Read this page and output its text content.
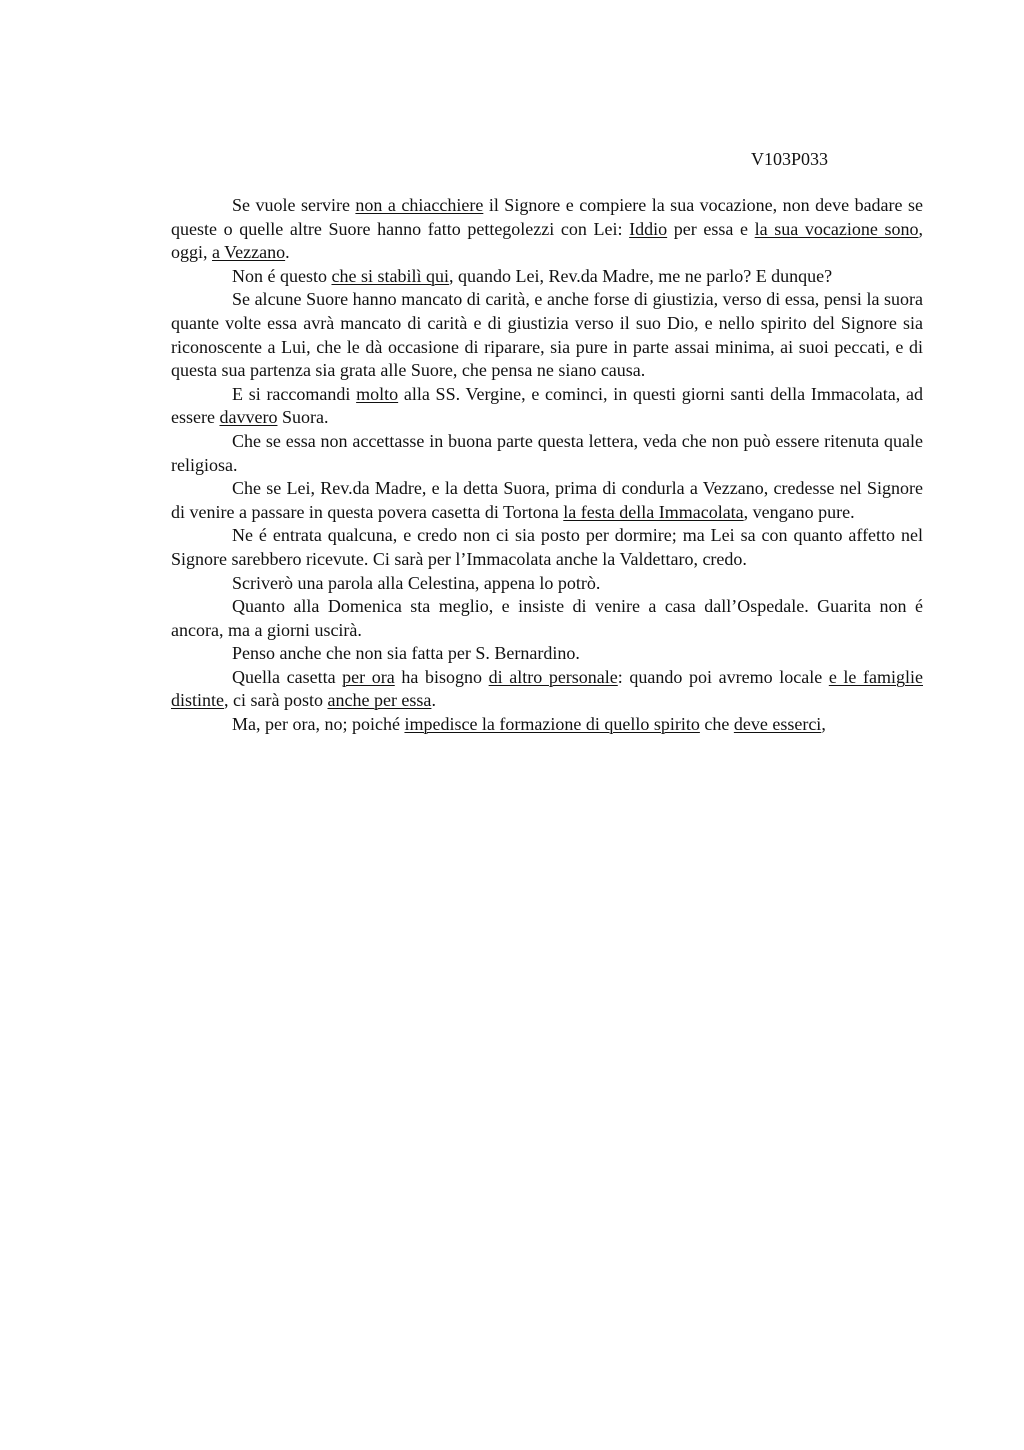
V103P033

Se vuole servire non a chiacchiere il Signore e compiere la sua vocazione, non deve badare se queste o quelle altre Suore hanno fatto pettegolezzi con Lei: Iddio per essa e la sua vocazione sono, oggi, a Vezzano.

Non é questo che si stabilì qui, quando Lei, Rev.da Madre, me ne parlo? E dunque?

Se alcune Suore hanno mancato di carità, e anche forse di giustizia, verso di essa, pensi la suora quante volte essa avrà mancato di carità e di giustizia verso il suo Dio, e nello spirito del Signore sia riconoscente a Lui, che le dà occasione di riparare, sia pure in parte assai minima, ai suoi peccati, e di questa sua partenza sia grata alle Suore, che pensa ne siano causa.

E si raccomandi molto alla SS. Vergine, e cominci, in questi giorni santi della Immacolata, ad essere davvero Suora.

Che se essa non accettasse in buona parte questa lettera, veda che non può essere ritenuta quale religiosa.

Che se Lei, Rev.da Madre, e la detta Suora, prima di condurla a Vezzano, credesse nel Signore di venire a passare in questa povera casetta di Tortona la festa della Immacolata, vengano pure.

Ne é entrata qualcuna, e credo non ci sia posto per dormire; ma Lei sa con quanto affetto nel Signore sarebbero ricevute. Ci sarà per l’Immacolata anche la Valdettaro, credo.

Scriverò una parola alla Celestina, appena lo potrò.

Quanto alla Domenica sta meglio, e insiste di venire a casa dall’Ospedale. Guarita non é ancora, ma a giorni uscirà.

Penso anche che non sia fatta per S. Bernardino.

Quella casetta per ora ha bisogno di altro personale: quando poi avremo locale e le famiglie distinte, ci sarà posto anche per essa.

Ma, per ora, no; poiché impedisce la formazione di quello spirito che deve esserci,
